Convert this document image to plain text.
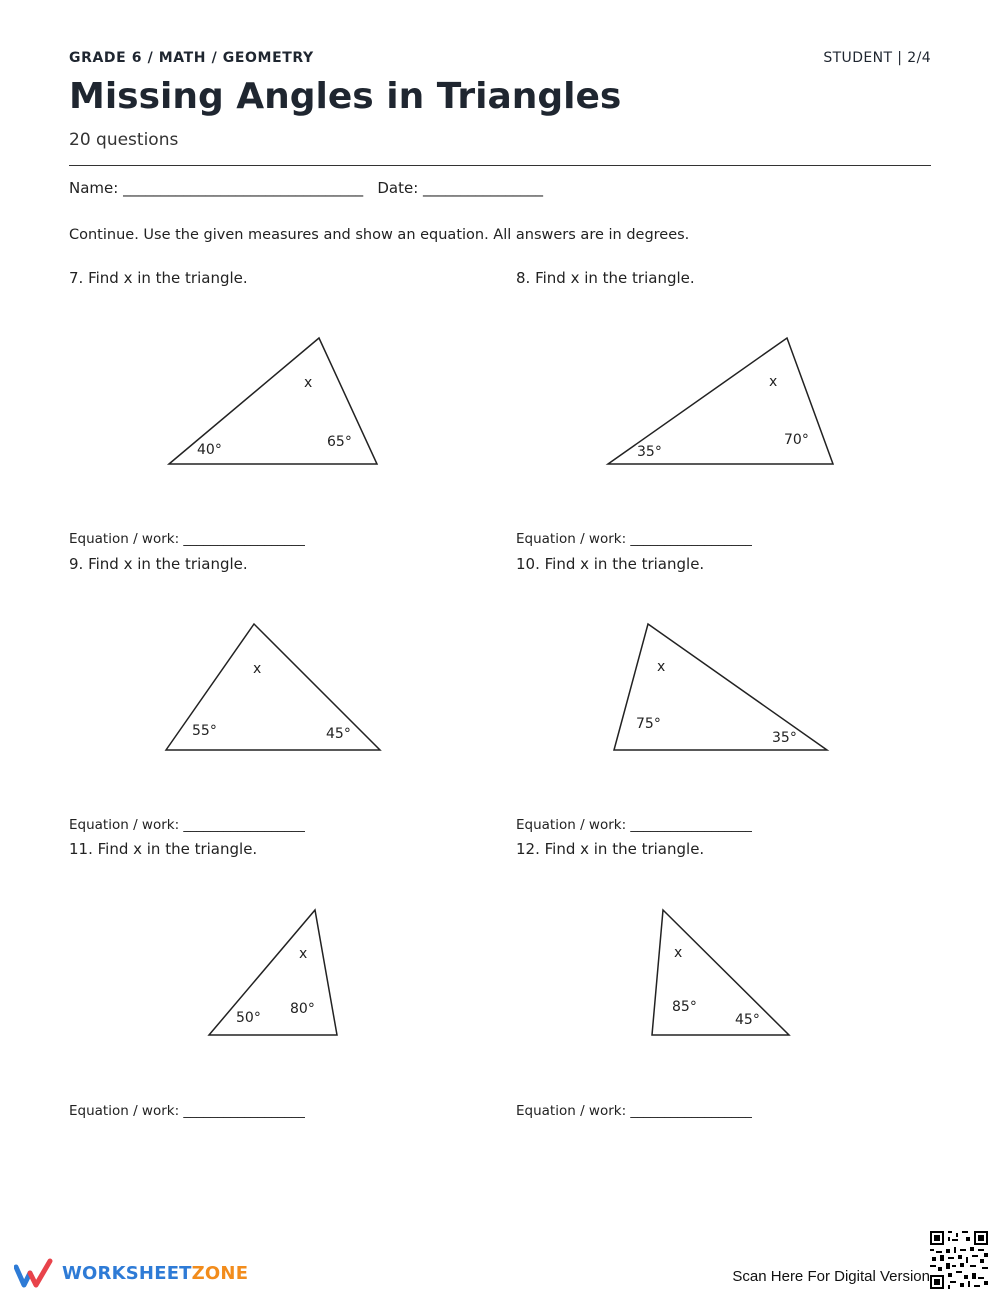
GRADE 6 / MATH / GEOMETRY	STUDENT | 2/4
Missing Angles in Triangles
20 questions
Name: ________________________________   Date: ________________
Continue. Use the given measures and show an equation. All answers are in degrees.
7. Find x in the triangle.
40°	65°
x
Equation / work: __________________
8. Find x in the triangle.
35°
70°
x
Equation / work: __________________
9. Find x in the triangle.
55°	45°
x
Equation / work: __________________
10. Find x in the triangle.
75°
35°
x
Equation / work: __________________
11. Find x in the triangle.
50°
80°
x
Equation / work: __________________
12. Find x in the triangle.
85°
45°
x
Equation / work: __________________
WORKSHEETZONE	Scan Here For Digital Version
